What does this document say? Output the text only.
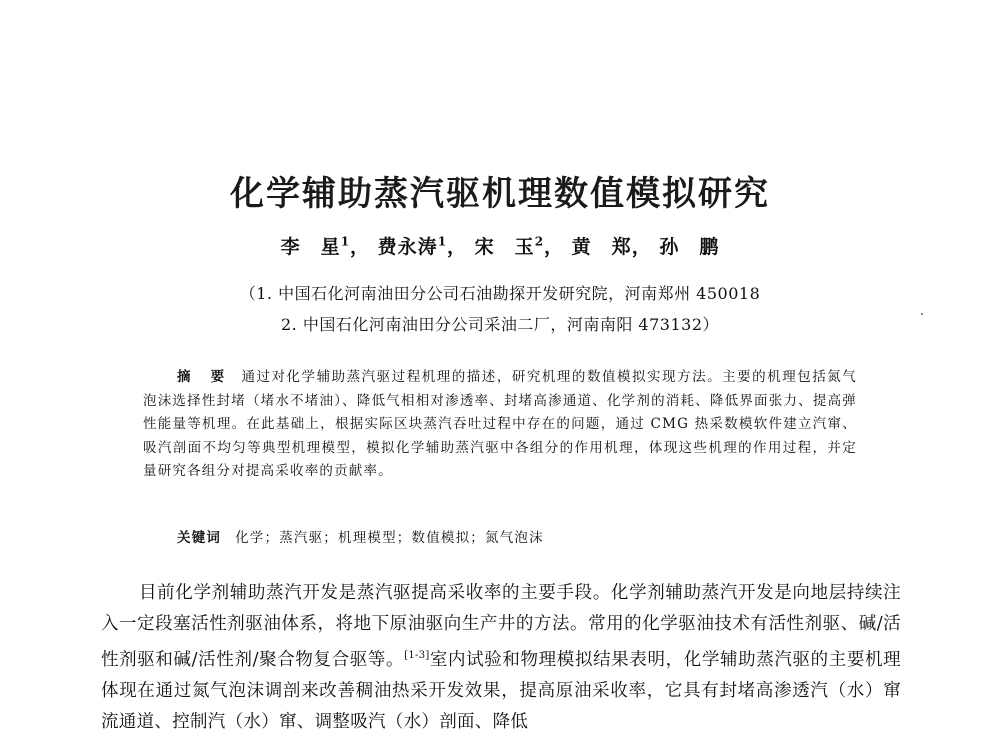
化学辅助蒸汽驱机理数值模拟研究
李　星$^1$， 费永涛$^1$， 宋　玉$^2$， 黄　郑， 孙　鹏
（1. 中国石化河南油田分公司石油勘探开发研究院，河南郑州 450018
2. 中国石化河南油田分公司采油二厂，河南南阳 473132）
摘　要 通过对化学辅助蒸汽驱过程机理的描述，研究机理的数值模拟实现方法。主要的机理包括氮气泡沫选择性封堵（堵水不堵油）、降低气相相对渗透率、封堵高渗通道、化学剂的消耗、降低界面张力、提高弹性能量等机理。在此基础上，根据实际区块蒸汽吞吐过程中存在的问题，通过 CMG 热采数模软件建立汽窜、吸汽剖面不均匀等典型机理模型，模拟化学辅助蒸汽驱中各组分的作用机理，体现这些机理的作用过程，并定量研究各组分对提高采收率的贡献率。
关键词 化学；蒸汽驱；机理模型；数值模拟；氮气泡沫
目前化学剂辅助蒸汽开发是蒸汽驱提高采收率的主要手段。化学剂辅助蒸汽开发是向地层持续注入一定段塞活性剂驱油体系，将地下原油驱向生产井的方法。常用的化学驱油技术有活性剂驱、碱/活性剂驱和碱/活性剂/聚合物复合驱等。[1-3]室内试验和物理模拟结果表明，化学辅助蒸汽驱的主要机理体现在通过氮气泡沫调剖来改善稠油热采开发效果，提高原油采收率，它具有封堵高渗透汽（水）窜流通道、控制汽（水）窜、调整吸汽（水）剖面、降低
